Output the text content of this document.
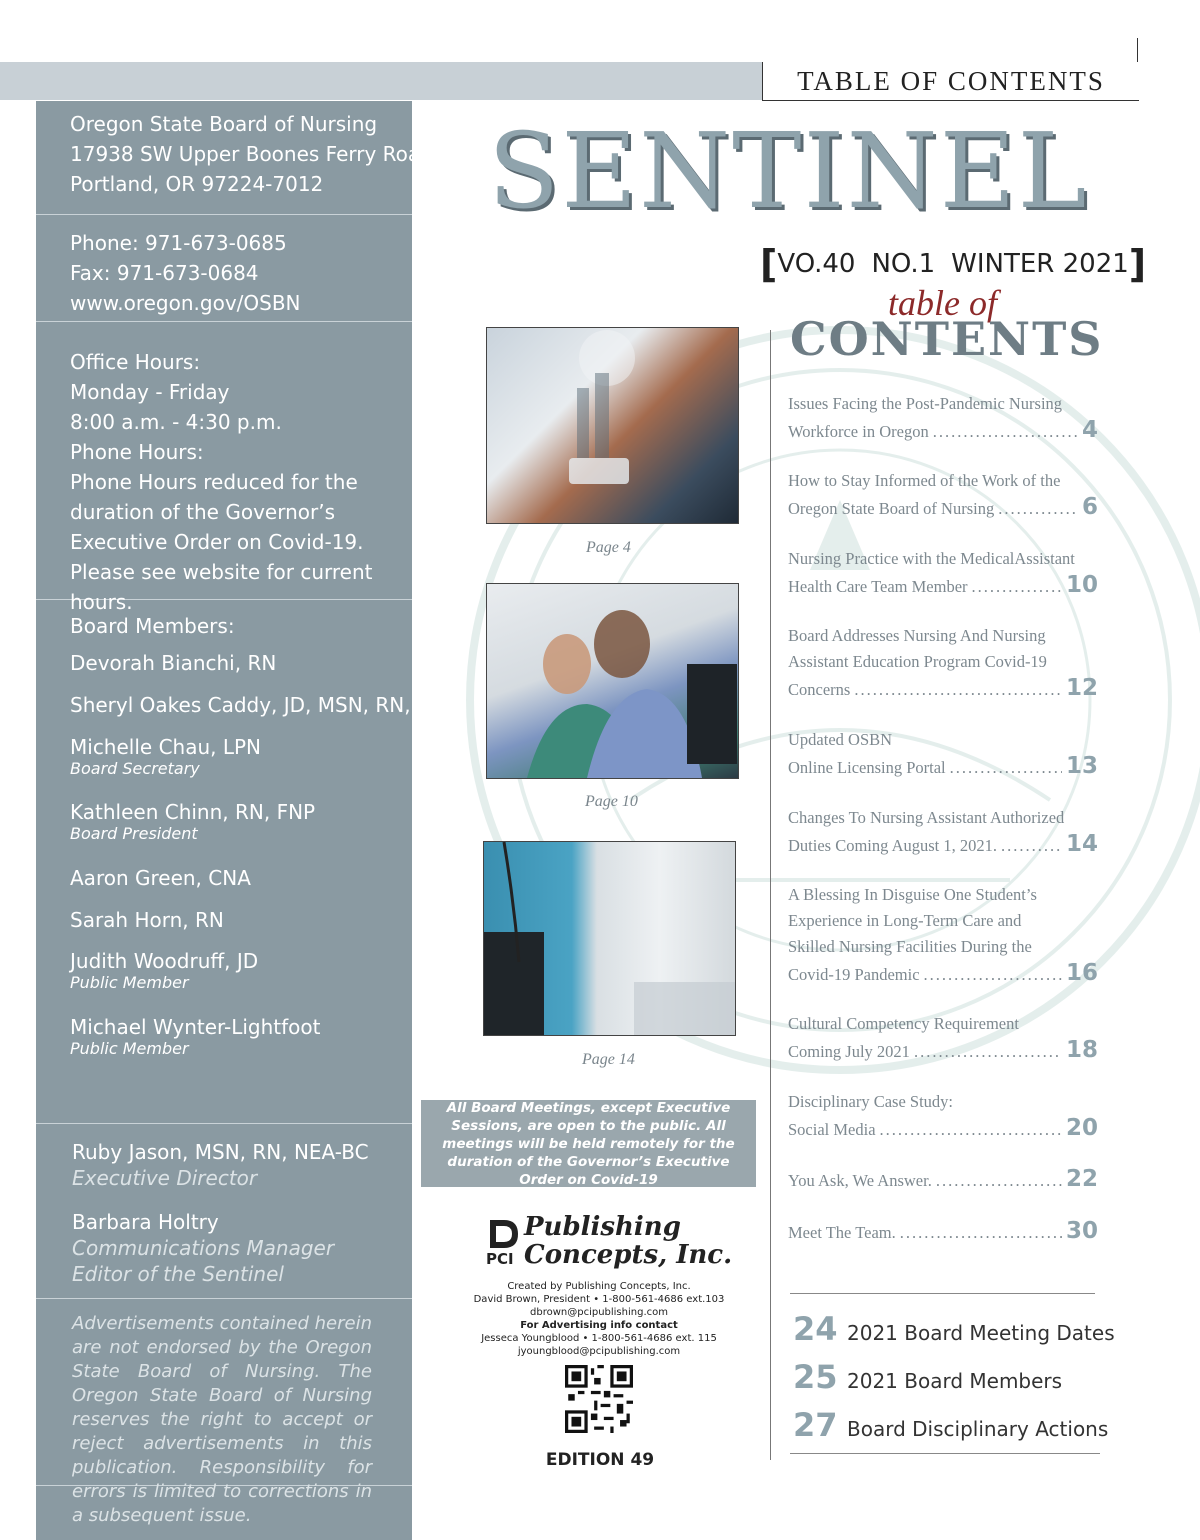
TABLE OF CONTENTS
Oregon State Board of Nursing
17938 SW Upper Boones Ferry Road
Portland, OR 97224-7012
Phone: 971-673-0685
Fax: 971-673-0684
www.oregon.gov/OSBN
Office Hours:
Monday - Friday
8:00 a.m. - 4:30 p.m.
Phone Hours:
Phone Hours reduced for the duration of the Governor’s Executive Order on Covid-19. Please see website for current hours.
Board Members:
Devorah Bianchi, RN
Sheryl Oakes Caddy, JD, MSN, RN, CNE
Michelle Chau, LPN
Board Secretary
Kathleen Chinn, RN, FNP
Board President
Aaron Green, CNA
Sarah Horn, RN
Judith Woodruff, JD
Public Member
Michael Wynter-Lightfoot
Public Member
Ruby Jason, MSN, RN, NEA-BC
Executive Director
Barbara Holtry
Communications Manager
Editor of the Sentinel
Advertisements contained herein are not endorsed by the Oregon State Board of Nursing. The Oregon State Board of Nursing reserves the right to accept or reject advertisements in this publication. Responsibility for errors is limited to corrections in a subsequent issue.
SENTINEL
[ VO.40 NO.1 WINTER 2021 ]
table of
CONTENTS
Page 4
Page 10
Page 14
All Board Meetings, except Executive Sessions, are open to the public. All meetings will be held remotely for the duration of the Governor’s Executive Order on Covid-19
Publishing
Concepts, Inc.
PCI
Created by Publishing Concepts, Inc.
David Brown, President • 1-800-561-4686 ext.103
dbrown@pcipublishing.com
For Advertising info contact
Jesseca Youngblood • 1-800-561-4686 ext. 115
jyoungblood@pcipublishing.com
EDITION 49
Issues Facing the Post-Pandemic Nursing
Workforce in Oregon .....	4
How to Stay Informed of the Work of the
Oregon State Board of Nursing .....	6
Nursing Practice with the MedicalAssistant
Health Care Team Member .....	10
Board Addresses Nursing And Nursing
Assistant Education Program Covid-19
Concerns .....	12
Updated OSBN
Online Licensing Portal .....	13
Changes To Nursing Assistant Authorized
Duties Coming August 1, 2021. .....	14
A Blessing In Disguise One Student’s
Experience in Long-Term Care and
Skilled Nursing Facilities During the
Covid-19 Pandemic .....	16
Cultural Competency Requirement
Coming July 2021 .....	18
Disciplinary Case Study:
Social Media .....	20
You Ask, We Answer. .....	22
Meet The Team. .....	30
24 2021 Board Meeting Dates
25 2021 Board Members
27 Board Disciplinary Actions
